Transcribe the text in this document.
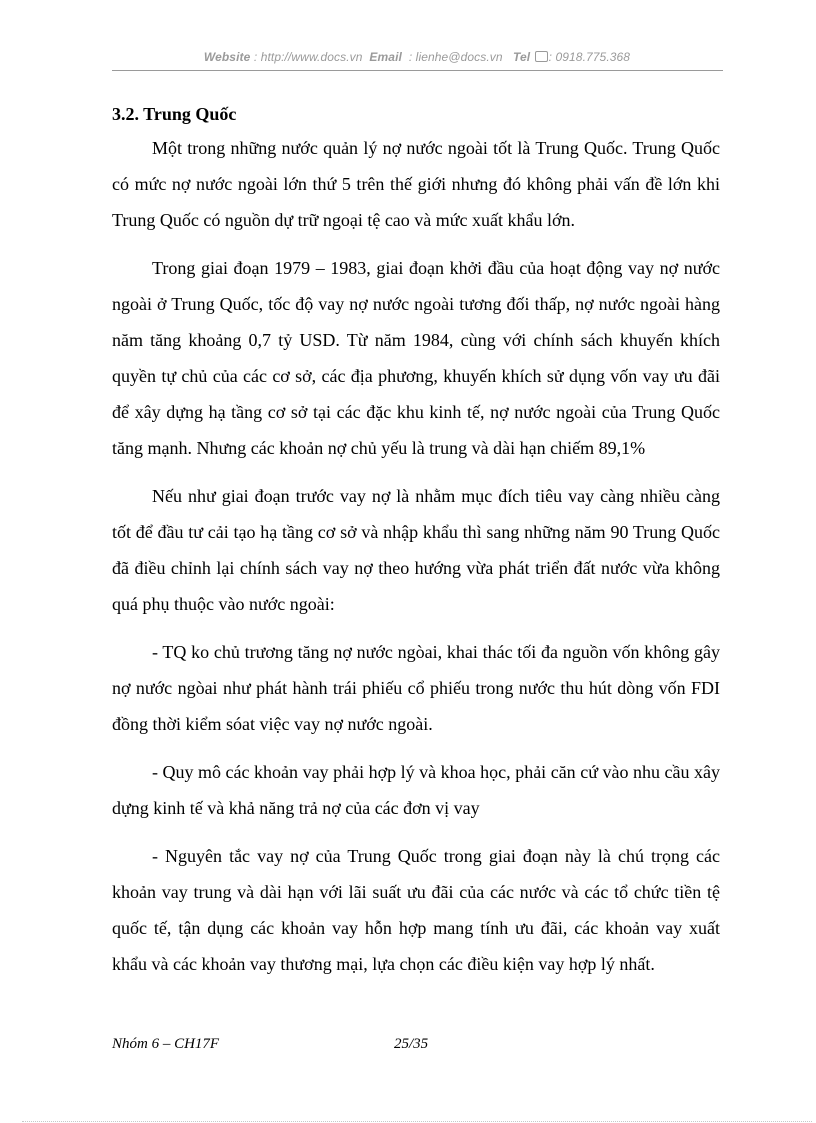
Website : http://www.docs.vn Email : lienhe@docs.vn Tel : 0918.775.368
3.2. Trung Quốc

Một trong những nước quản lý nợ nước ngoài tốt là Trung Quốc. Trung Quốc có mức nợ nước ngoài lớn thứ 5 trên thế giới nhưng đó không phải vấn đề lớn khi Trung Quốc có nguồn dự trữ ngoại tệ cao và mức xuất khẩu lớn.

Trong giai đoạn 1979 – 1983, giai đoạn khởi đầu của hoạt động vay nợ nước ngoài ở Trung Quốc, tốc độ vay nợ nước ngoài tương đối thấp, nợ nước ngoài hàng năm tăng khoảng 0,7 tỷ USD. Từ năm 1984, cùng với chính sách khuyến khích quyền tự chủ của các cơ sở, các địa phương, khuyến khích sử dụng vốn vay ưu đãi để xây dựng hạ tầng cơ sở tại các đặc khu kinh tế, nợ nước ngoài của Trung Quốc tăng mạnh. Nhưng các khoản nợ chủ yếu là trung và dài hạn chiếm 89,1%

Nếu như giai đoạn trước vay nợ là nhằm mục đích tiêu vay càng nhiều càng tốt để đầu tư cải tạo hạ tầng cơ sở và nhập khẩu thì sang những năm 90 Trung Quốc đã điều chỉnh lại chính sách vay nợ theo hướng vừa phát triển đất nước vừa không quá phụ thuộc vào nước ngoài:

- TQ ko chủ trương tăng nợ nước ngòai, khai thác tối đa nguồn vốn không gây nợ nước ngòai như phát hành trái phiếu cổ phiếu trong nước thu hút dòng vốn FDI đồng thời kiểm sóat việc vay nợ nước ngoài.

- Quy mô các khoản vay phải hợp lý và khoa học, phải căn cứ vào nhu cầu xây dựng kinh tế và khả năng trả nợ của các đơn vị vay

- Nguyên tắc vay nợ của Trung Quốc trong giai đoạn này là chú trọng các khoản vay trung và dài hạn với lãi suất ưu đãi của các nước và các tổ chức tiền tệ quốc tế, tận dụng các khoản vay hỗn hợp mang tính ưu đãi, các khoản vay xuất khẩu và các khoản vay thương mại, lựa chọn các điều kiện vay hợp lý nhất.

Nhóm 6 – CH17F	25/35
